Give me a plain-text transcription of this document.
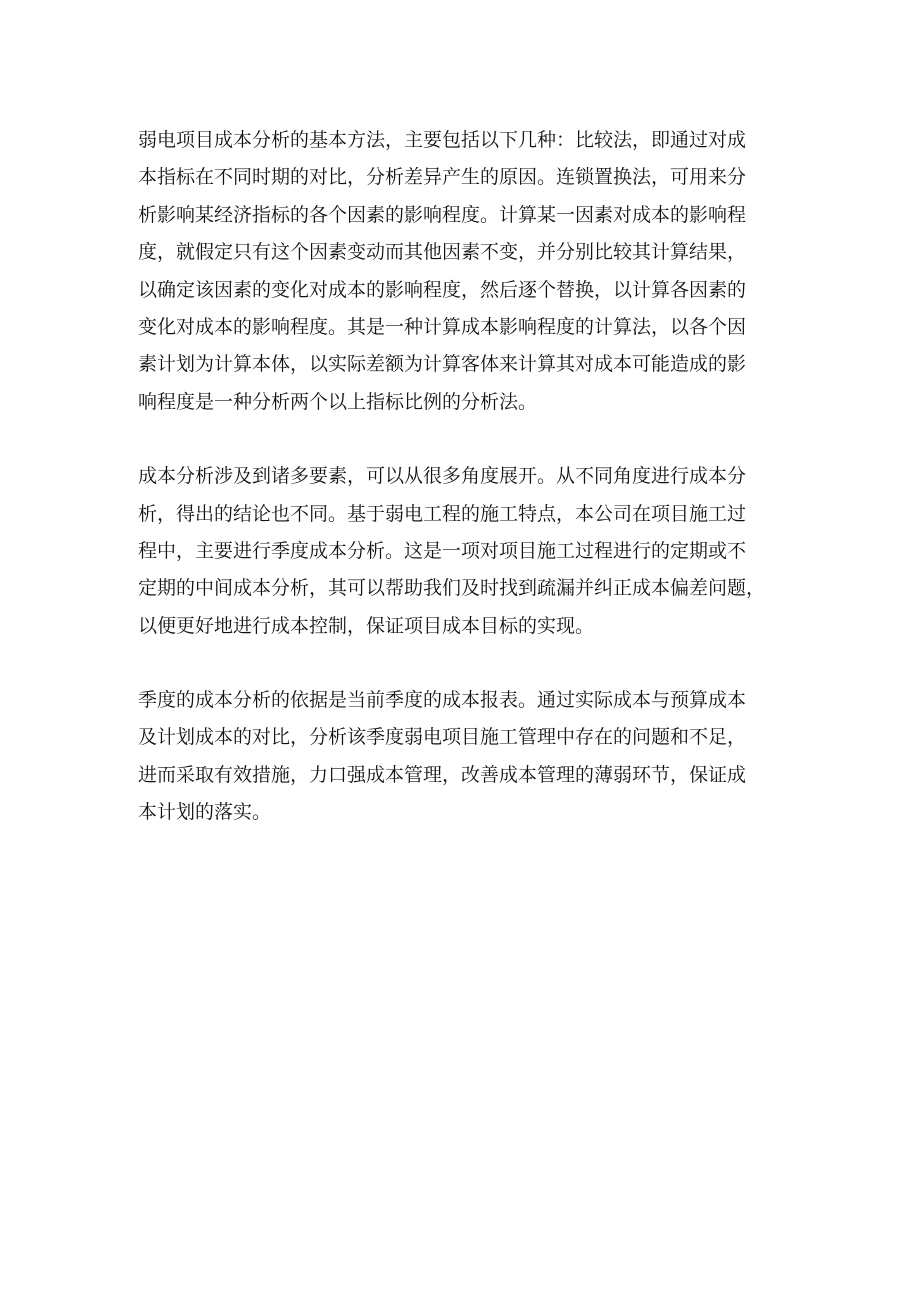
弱电项目成本分析的基本方法，主要包括以下几种：比较法，即通过对成
本指标在不同时期的对比，分析差异产生的原因。连锁置换法，可用来分
析影响某经济指标的各个因素的影响程度。计算某一因素对成本的影响程
度，就假定只有这个因素变动而其他因素不变，并分别比较其计算结果，
以确定该因素的变化对成本的影响程度，然后逐个替换，以计算各因素的
变化对成本的影响程度。其是一种计算成本影响程度的计算法，以各个因
素计划为计算本体，以实际差额为计算客体来计算其对成本可能造成的影
响程度是一种分析两个以上指标比例的分析法。

成本分析涉及到诸多要素，可以从很多角度展开。从不同角度进行成本分
析，得出的结论也不同。基于弱电工程的施工特点，本公司在项目施工过
程中，主要进行季度成本分析。这是一项对项目施工过程进行的定期或不
定期的中间成本分析，其可以帮助我们及时找到疏漏并纠正成本偏差问题，
以便更好地进行成本控制，保证项目成本目标的实现。

季度的成本分析的依据是当前季度的成本报表。通过实际成本与预算成本
及计划成本的对比，分析该季度弱电项目施工管理中存在的问题和不足，
进而采取有效措施，力口强成本管理，改善成本管理的薄弱环节，保证成
本计划的落实。
